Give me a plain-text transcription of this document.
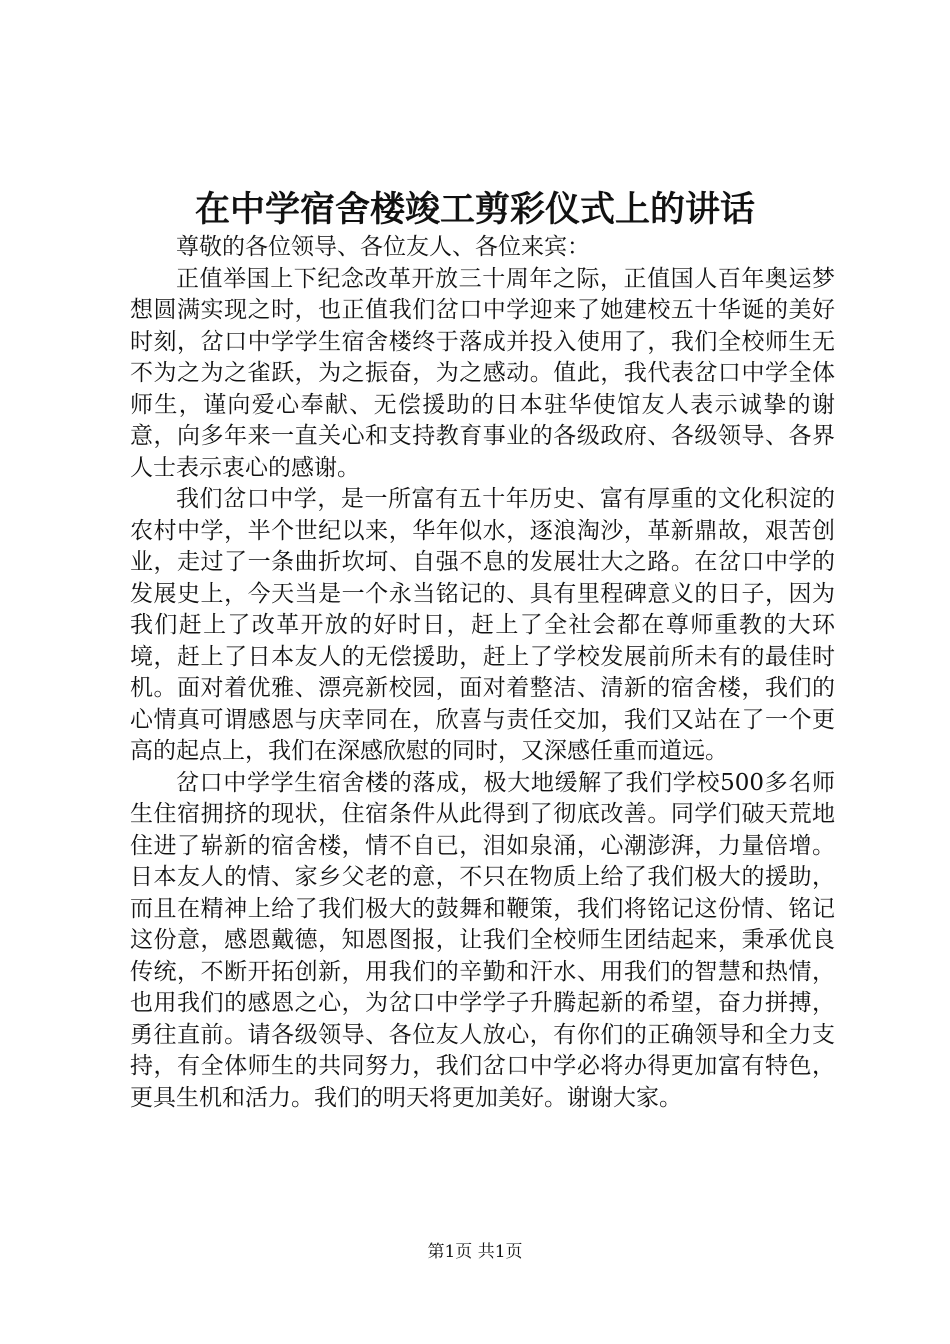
在中学宿舍楼竣工剪彩仪式上的讲话

尊敬的各位领导、各位友人、各位来宾：

正值举国上下纪念改革开放三十周年之际，正值国人百年奥运梦想圆满实现之时，也正值我们岔口中学迎来了她建校五十华诞的美好时刻，岔口中学学生宿舍楼终于落成并投入使用了，我们全校师生无不为之为之雀跃，为之振奋，为之感动。值此，我代表岔口中学全体师生，谨向爱心奉献、无偿援助的日本驻华使馆友人表示诚挚的谢意，向多年来一直关心和支持教育事业的各级政府、各级领导、各界人士表示衷心的感谢。

我们岔口中学，是一所富有五十年历史、富有厚重的文化积淀的农村中学，半个世纪以来，华年似水，逐浪淘沙，革新鼎故，艰苦创业，走过了一条曲折坎坷、自强不息的发展壮大之路。在岔口中学的发展史上，今天当是一个永当铭记的、具有里程碑意义的日子，因为我们赶上了改革开放的好时日，赶上了全社会都在尊师重教的大环境，赶上了日本友人的无偿援助，赶上了学校发展前所未有的最佳时机。面对着优雅、漂亮新校园，面对着整洁、清新的宿舍楼，我们的心情真可谓感恩与庆幸同在，欣喜与责任交加，我们又站在了一个更高的起点上，我们在深感欣慰的同时，又深感任重而道远。

岔口中学学生宿舍楼的落成，极大地缓解了我们学校500多名师生住宿拥挤的现状，住宿条件从此得到了彻底改善。同学们破天荒地住进了崭新的宿舍楼，情不自已，泪如泉涌，心潮澎湃，力量倍增。日本友人的情、家乡父老的意，不只在物质上给了我们极大的援助，而且在精神上给了我们极大的鼓舞和鞭策，我们将铭记这份情、铭记这份意，感恩戴德，知恩图报，让我们全校师生团结起来，秉承优良传统，不断开拓创新，用我们的辛勤和汗水、用我们的智慧和热情，也用我们的感恩之心，为岔口中学学子升腾起新的希望，奋力拼搏，勇往直前。请各级领导、各位友人放心，有你们的正确领导和全力支持，有全体师生的共同努力，我们岔口中学必将办得更加富有特色，更具生机和活力。我们的明天将更加美好。谢谢大家。

第1页 共1页
